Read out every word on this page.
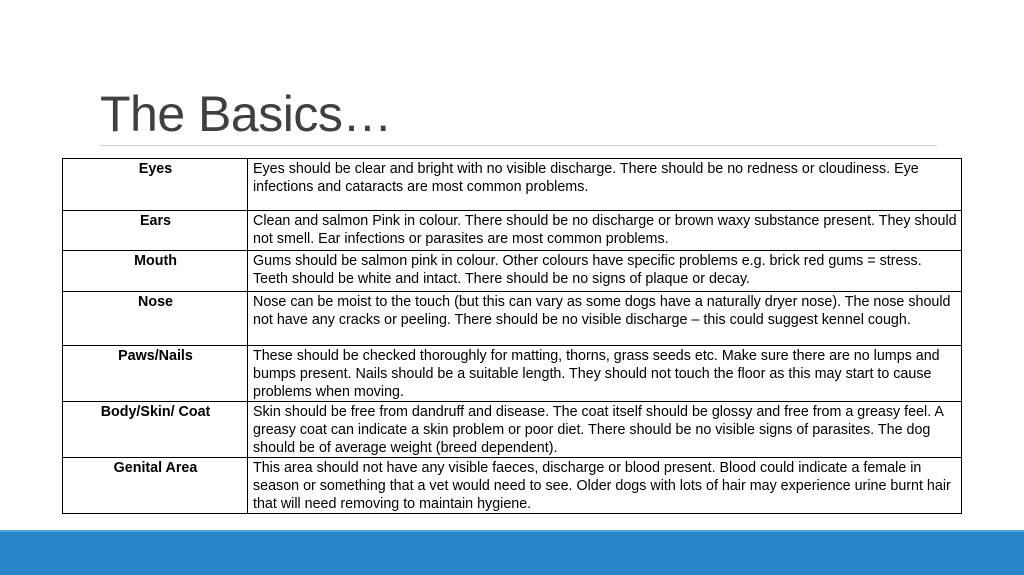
The Basics…
Eyes	Eyes should be clear and bright with no visible discharge. There should be no redness or cloudiness. Eye infections and cataracts are most common problems.
Ears	Clean and salmon Pink in colour. There should be no discharge or brown waxy substance present. They should not smell. Ear infections or parasites are most common problems.
Mouth	Gums should be salmon pink in colour. Other colours have specific problems e.g. brick red gums = stress. Teeth should be white and intact. There should be no signs of plaque or decay.
Nose	Nose can be moist to the touch (but this can vary as some dogs have a naturally dryer nose). The nose should not have any cracks or peeling. There should be no visible discharge – this could suggest kennel cough.
Paws/Nails	These should be checked thoroughly for matting, thorns, grass seeds etc. Make sure there are no lumps and bumps present. Nails should be a suitable length. They should not touch the floor as this may start to cause problems when moving.
Body/Skin/ Coat	Skin should be free from dandruff and disease. The coat itself should be glossy and free from a greasy feel. A greasy coat can indicate a skin problem or poor diet. There should be no visible signs of parasites. The dog should be of average weight (breed dependent).
Genital Area	This area should not have any visible faeces, discharge or blood present. Blood could indicate a female in season or something that a vet would need to see. Older dogs with lots of hair may experience urine burnt hair that will need removing to maintain hygiene.
